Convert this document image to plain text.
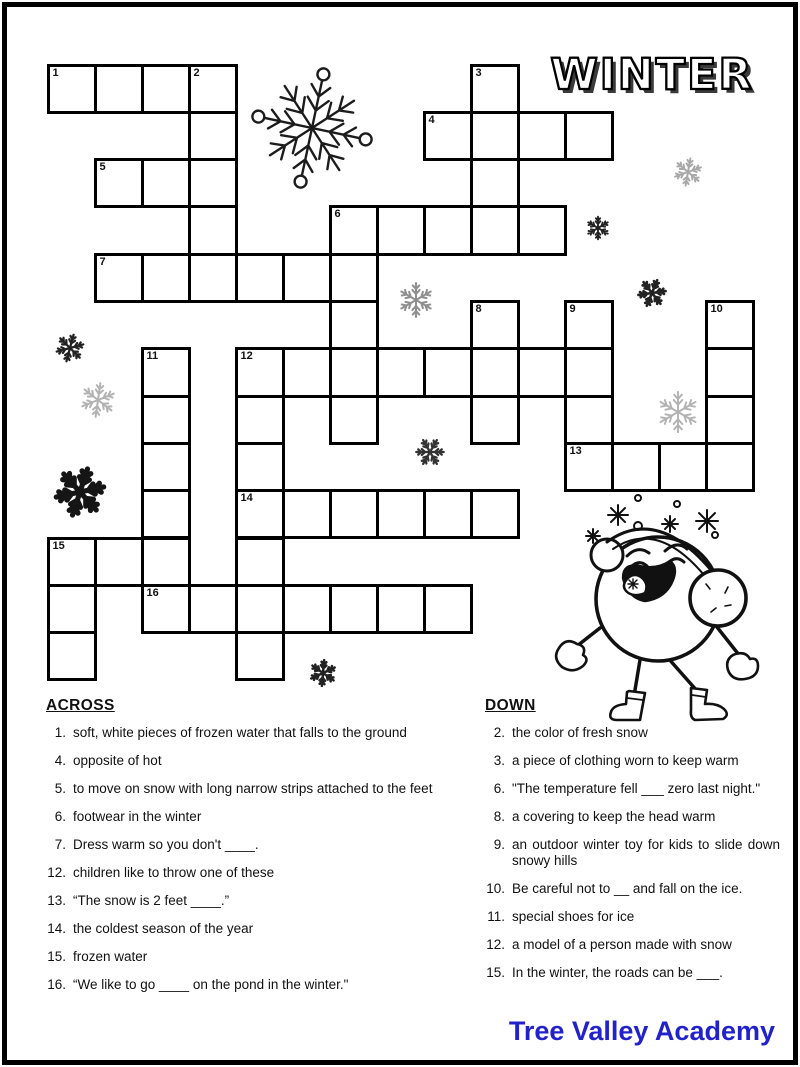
WINTER
1	2	3
4
5
6
7
8	9
13
10
11
16
12
14
15
ACROSS
1. soft, white pieces of frozen water that falls to the ground
4. opposite of hot
5. to move on snow with long narrow strips attached to the feet
6. footwear in the winter
7. Dress warm so you don't ____.
12. children like to throw one of these
13. “The snow is 2 feet ____.”
14. the coldest season of the year
15. frozen water
16. “We like to go ____ on the pond in the winter."
DOWN
2. the color of fresh snow
3. a piece of clothing worn to keep warm
6. "The temperature fell ___ zero last night."
8. a covering to keep the head warm
9. an outdoor winter toy for kids to slide down snowy hills
10. Be careful not to __ and fall on the ice.
11. special shoes for ice
12. a model of a person made with snow
15. In the winter, the roads can be ___.
Tree Valley Academy
